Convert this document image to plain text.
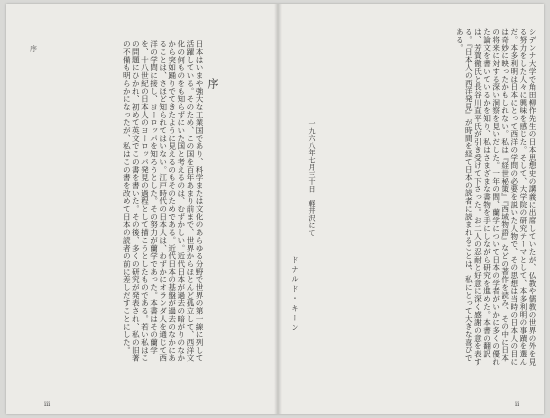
序
序
日本はいまや強大な工業国であり、科学または文化のあらゆる分野で世界の第一線に列して活躍している。そのため、この国を百年あまり前まで、世界からほとんど孤立して、西洋文化の何ものをも知らずにいた国と考えるのは、むずかしい。近代日本が過去の暗がりのなかから突如踊りでてきたように見えるのもそのためである。近代日本の基盤が過去のなかにあることは、さほど知られてはいない。江戸時代の日本人は、わずかにオランダ人を通じて西洋の学問に接し、ヨーロッパを知ろうとした。その努力が蘭学であった。本書はその蘭学を、十八世紀の日本人のヨーロッパ発見の過程として描こうとしたものである。若い私はこの問題にひかれ、初めて英文でこの書を書いた。その後、多くの研究が発表され、私の旧著の不備も明らかになったが、私はこの書を改めて日本の読者の前に差しだすことにした。
iii
シデンナ大学で角田柳作先生の日本思想史の講義に出席していたが、仏教や儒教の世界の外を見る努力をした人々に興味を感じた。そして、大学院の研究テーマとして、本多利明の事蹟を選んだ。本多利明は日本にとって西洋の学問の必要を説いた人物で、その思想は当時の日本人の目には奇妙に映ったかもしれない。私は『経世秘策』『西域物語』などの著作を読み、その中に日本の将来に対する深い洞察を見いだした。一年の間、蘭学について日本の学者がいかに多くの優れた論文を書いているかを知り、私はさまざまな書物を手にしながら研究を進めた。本書の翻訳は、芳賀徹氏と長谷川直平氏が引き受けて下さった。お二人の忍耐と好意に深く感謝の意を表する。『日本人の西洋発見』が時間を経て日本の読者に読まれることは、私にとって大きな喜びである。
一九六八年七月三十日　軽井沢にて
ドナルド・キーン
ii
